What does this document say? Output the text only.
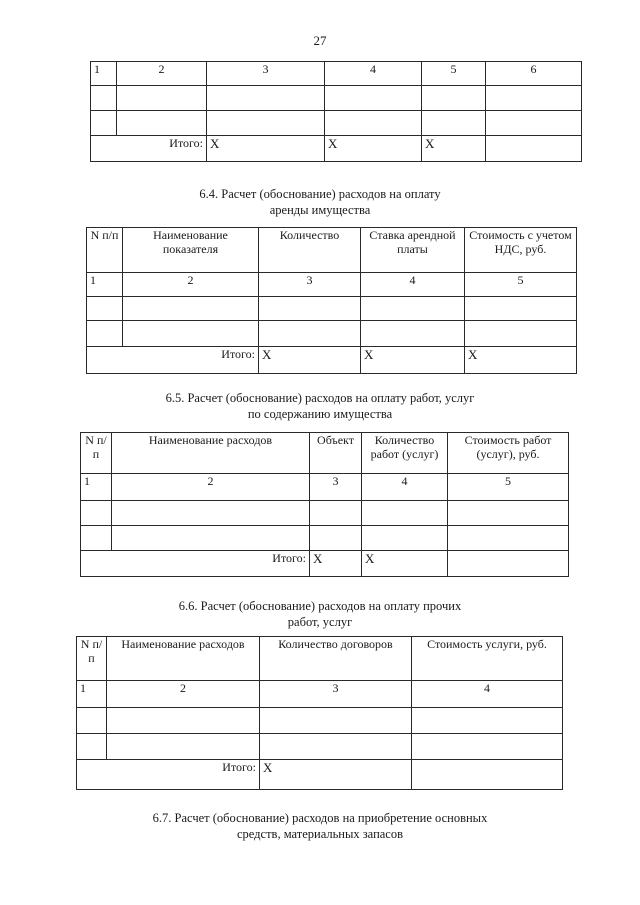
27
1	2	3	4	5	6

Итого:		X	X	X	
6.4. Расчет (обоснование) расходов на оплату
аренды имущества
N п/п	Наименование показателя	Количество	Ставка арендной платы	Стоимость с учетом НДС, руб.
1	2	3	4	5

Итого:		X	X	X
6.5. Расчет (обоснование) расходов на оплату работ, услуг
по содержанию имущества
N п/п	Наименование расходов	Объект	Количество работ (услуг)	Стоимость работ (услуг), руб.
1	2	3	4	5

Итого:		X	X	
6.6. Расчет (обоснование) расходов на оплату прочих
работ, услуг
N п/п	Наименование расходов	Количество договоров	Стоимость услуги, руб.
1	2	3	4

Итого:		X	
6.7. Расчет (обоснование) расходов на приобретение основных
средств, материальных запасов
